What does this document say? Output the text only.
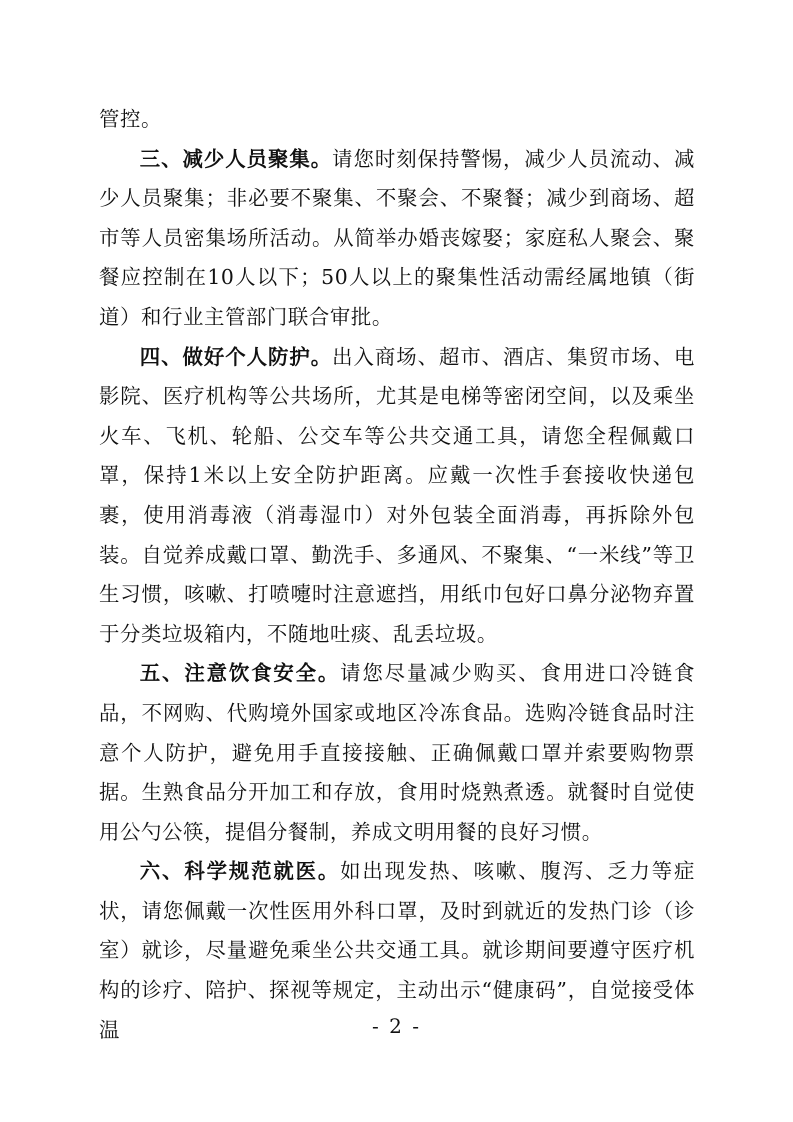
管控。

三、减少人员聚集。请您时刻保持警惕，减少人员流动、减少人员聚集；非必要不聚集、不聚会、不聚餐；减少到商场、超市等人员密集场所活动。从简举办婚丧嫁娶；家庭私人聚会、聚餐应控制在10人以下；50人以上的聚集性活动需经属地镇（街道）和行业主管部门联合审批。

四、做好个人防护。出入商场、超市、酒店、集贸市场、电影院、医疗机构等公共场所，尤其是电梯等密闭空间，以及乘坐火车、飞机、轮船、公交车等公共交通工具，请您全程佩戴口罩，保持1米以上安全防护距离。应戴一次性手套接收快递包裹，使用消毒液（消毒湿巾）对外包装全面消毒，再拆除外包装。自觉养成戴口罩、勤洗手、多通风、不聚集、“一米线”等卫生习惯，咳嗽、打喷嚏时注意遮挡，用纸巾包好口鼻分泌物弃置于分类垃圾箱内，不随地吐痰、乱丢垃圾。

五、注意饮食安全。请您尽量减少购买、食用进口冷链食品，不网购、代购境外国家或地区冷冻食品。选购冷链食品时注意个人防护，避免用手直接接触、正确佩戴口罩并索要购物票据。生熟食品分开加工和存放，食用时烧熟煮透。就餐时自觉使用公勺公筷，提倡分餐制，养成文明用餐的良好习惯。

六、科学规范就医。如出现发热、咳嗽、腹泻、乏力等症状，请您佩戴一次性医用外科口罩，及时到就近的发热门诊（诊室）就诊，尽量避免乘坐公共交通工具。就诊期间要遵守医疗机构的诊疗、陪护、探视等规定，主动出示“健康码”，自觉接受体温	- 2 -
